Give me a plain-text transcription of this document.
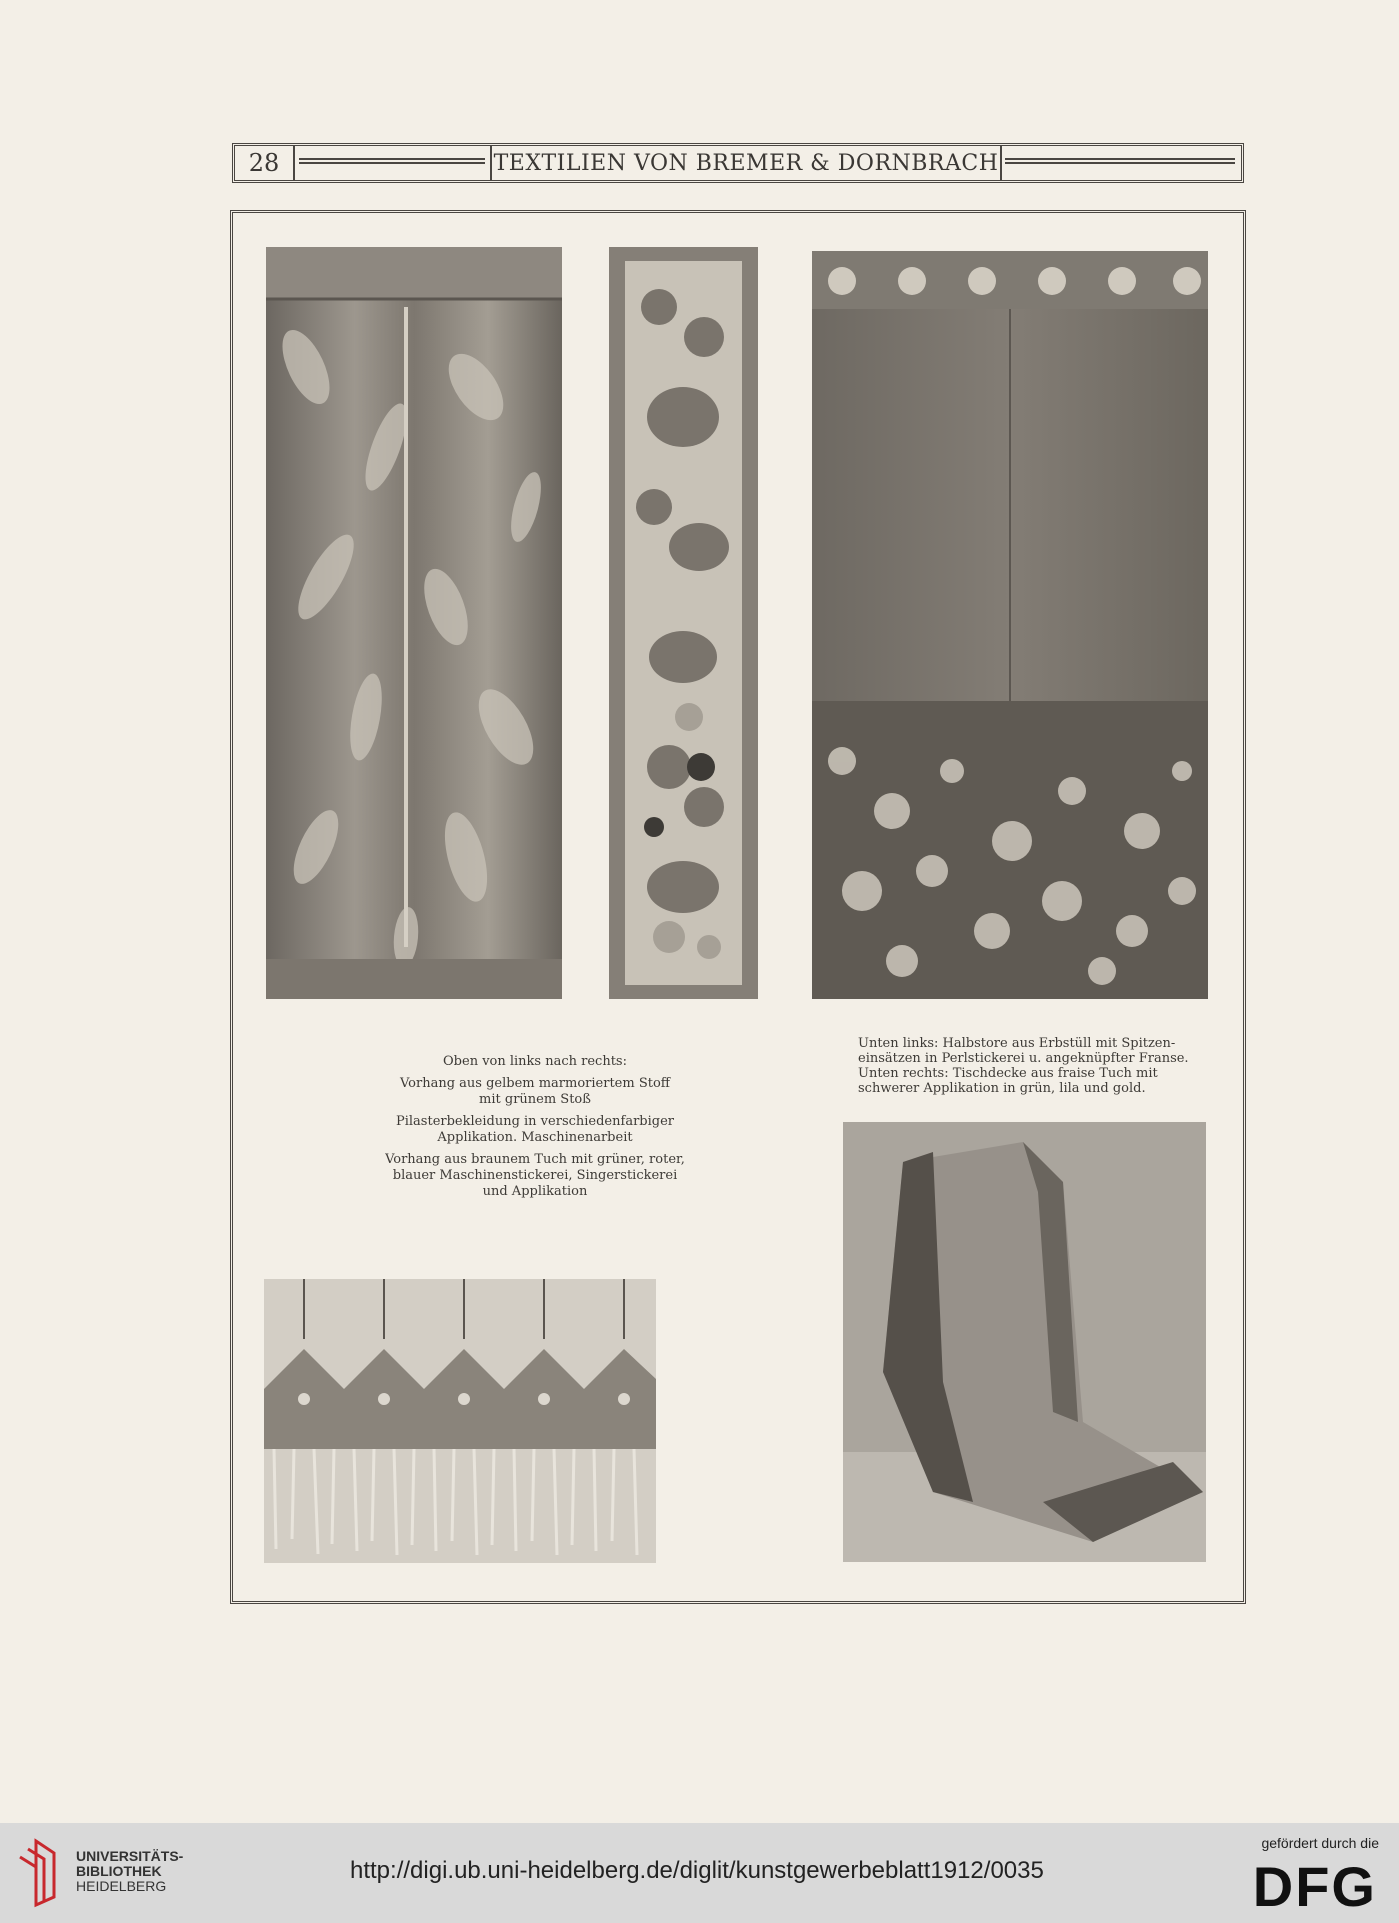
28	TEXTILIEN VON BREMER & DORNBRACH

Oben von links nach rechts:

Vorhang aus gelbem marmoriertem Stoff

mit grünem Stoß

Pilasterbekleidung in verschiedenfarbiger

Applikation. Maschinenarbeit

Vorhang aus braunem Tuch mit grüner, roter,
blauer Maschinenstickerei, Singerstickerei
und Applikation
Unten links: Halbstore aus Erbstüll mit Spitzen-
einsätzen in Perlstickerei u. angeknüpfter Franse.
Unten rechts: Tischdecke aus fraise Tuch mit
schwerer Applikation in grün, lila und gold.
UNIVERSITÄTS-
BIBLIOTHEK
HEIDELBERG
http://digi.ub.uni-heidelberg.de/diglit/kunstgewerbeblatt1912/0035
gefördert durch die
DFG
